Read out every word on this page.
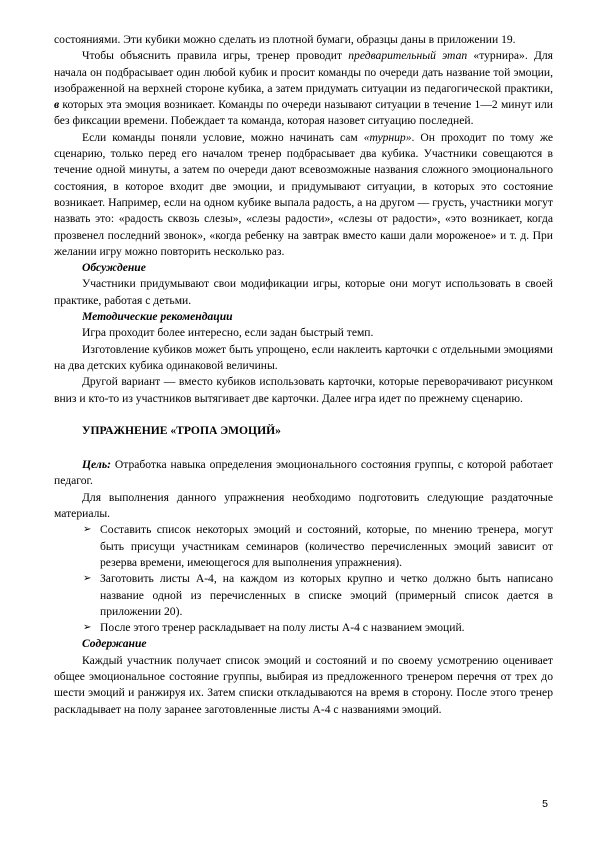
состояниями. Эти кубики можно сделать из плотной бумаги, образцы даны в приложении 19.

Чтобы объяснить правила игры, тренер проводит предварительный этап «турнира». Для начала он подбрасывает один любой кубик и просит команды по очереди дать название той эмоции, изображенной на верхней стороне кубика, а затем придумать ситуации из педагогической практики, в которых эта эмоция возникает. Команды по очереди называют ситуации в течение 1—2 минут или без фиксации времени. Побеждает та команда, которая назовет ситуацию последней.

Если команды поняли условие, можно начинать сам «турнир». Он проходит по тому же сценарию, только перед его началом тренер подбрасывает два кубика. Участники совещаются в течение одной минуты, а затем по очереди дают всевозможные названия сложного эмоционального состояния, в которое входит две эмоции, и придумывают ситуации, в которых это состояние возникает. Например, если на одном кубике выпала радость, а на другом — грусть, участники могут назвать это: «радость сквозь слезы», «слезы радости», «слезы от радости», «это возникает, когда прозвенел последний звонок», «когда ребенку на завтрак вместо каши дали мороженое» и т. д. При желании игру можно повторить несколько раз.

Обсуждение

Участники придумывают свои модификации игры, которые они могут использовать в своей практике, работая с детьми.

Методические рекомендации

Игра проходит более интересно, если задан быстрый темп.

Изготовление кубиков может быть упрощено, если наклеить карточки с отдельными эмоциями на два детских кубика одинаковой величины.

Другой вариант — вместо кубиков использовать карточки, которые переворачивают рисунком вниз и кто-то из участников вытягивает две карточки. Далее игра идет по прежнему сценарию.

УПРАЖНЕНИЕ «ТРОПА ЭМОЦИЙ»

Цель: Отработка навыка определения эмоционального состояния группы, с которой работает педагог.

Для выполнения данного упражнения необходимо подготовить следующие раздаточные материалы.

➢ Составить список некоторых эмоций и состояний, которые, по мнению тренера, могут быть присущи участникам семинаров (количество перечисленных эмоций зависит от резерва времени, имеющегося для выполнения упражнения).

➢ Заготовить листы А-4, на каждом из которых крупно и четко должно быть написано название одной из перечисленных в списке эмоций (примерный список дается в приложении 20).

➢ После этого тренер раскладывает на полу листы А-4 с названием эмоций.

Содержание

Каждый участник получает список эмоций и состояний и по своему усмотрению оценивает общее эмоциональное состояние группы, выбирая из предложенного тренером перечня от трех до шести эмоций и ранжируя их. Затем списки откладываются на время в сторону. После этого тренер раскладывает на полу заранее заготовленные листы А-4 с названиями эмоций.

5
